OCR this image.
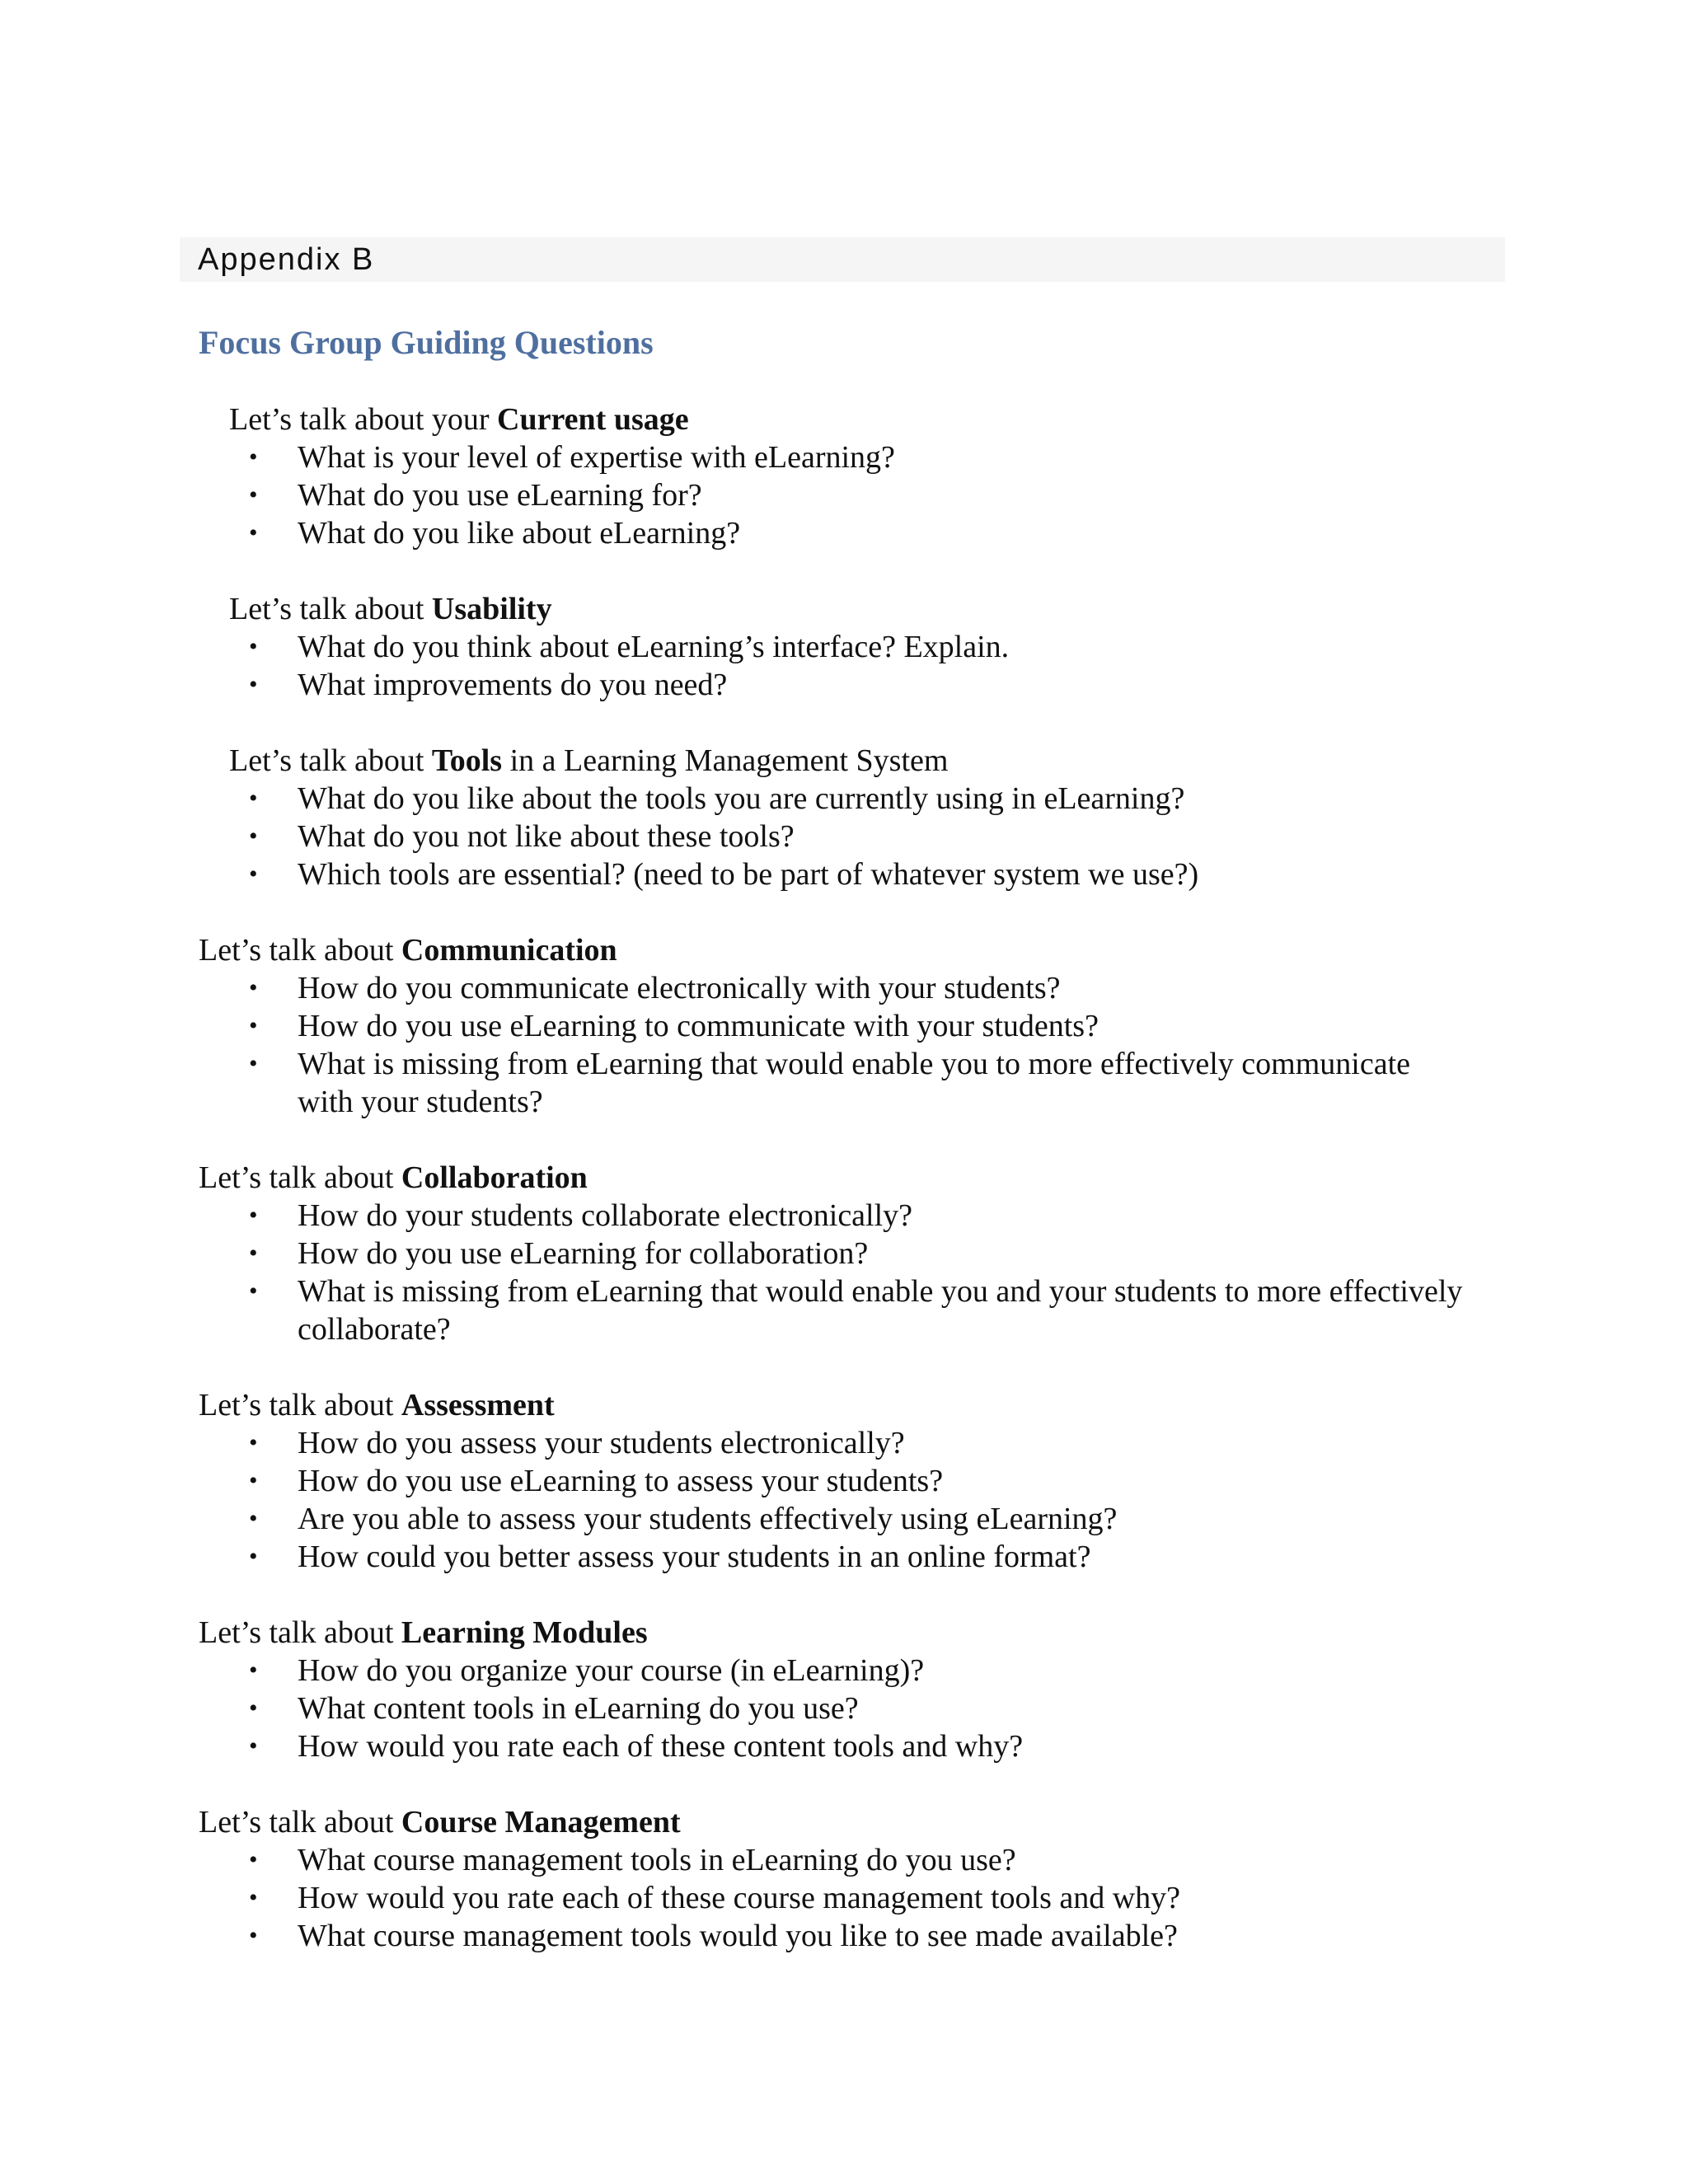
Appendix B
Focus Group Guiding Questions

Let’s talk about your Current usage

• What is your level of expertise with eLearning?
• What do you use eLearning for?
• What do you like about eLearning?

Let’s talk about Usability

• What do you think about eLearning’s interface? Explain.
• What improvements do you need?

Let’s talk about Tools in a Learning Management System

• What do you like about the tools you are currently using in eLearning?
• What do you not like about these tools?
• Which tools are essential? (need to be part of whatever system we use?)

Let’s talk about Communication

• How do you communicate electronically with your students?
• How do you use eLearning to communicate with your students?
• What is missing from eLearning that would enable you to more effectively communicate with your students?

Let’s talk about Collaboration

• How do your students collaborate electronically?
• How do you use eLearning for collaboration?
• What is missing from eLearning that would enable you and your students to more effectively collaborate?

Let’s talk about Assessment

• How do you assess your students electronically?
• How do you use eLearning to assess your students?
• Are you able to assess your students effectively using eLearning?
• How could you better assess your students in an online format?

Let’s talk about Learning Modules

• How do you organize your course (in eLearning)?
• What content tools in eLearning do you use?
• How would you rate each of these content tools and why?

Let’s talk about Course Management

• What course management tools in eLearning do you use?
• How would you rate each of these course management tools and why?
• What course management tools would you like to see made available?
